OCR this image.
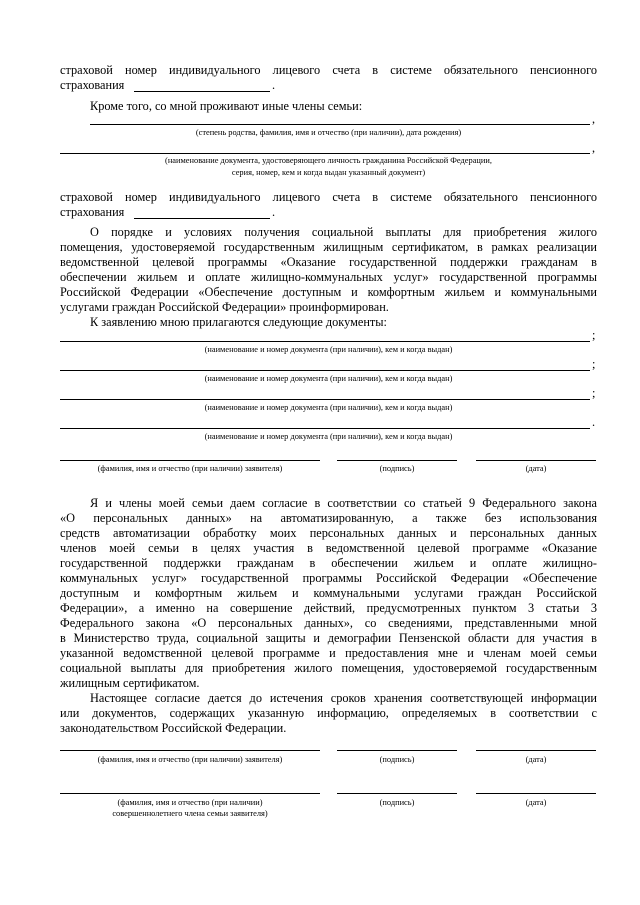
страховой номер индивидуального лицевого счета в системе обязательного пенсионного
страхования	.
Кроме того, со мной проживают иные члены семьи:
,
(степень родства, фамилия, имя и отчество (при наличии), дата рождения)
,
(наименование документа, удостоверяющего личность гражданина Российской Федерации,
серия, номер, кем и когда выдан указанный документ)
страховой номер индивидуального лицевого счета в системе обязательного пенсионного
страхования	.
О порядке и условиях получения социальной выплаты для приобретения жилого
помещения, удостоверяемой государственным жилищным сертификатом, в рамках реализации
ведомственной целевой программы «Оказание государственной поддержки гражданам в
обеспечении жильем и оплате жилищно-коммунальных услуг» государственной программы
Российской Федерации «Обеспечение доступным и комфортным жильем и коммунальными
услугами граждан Российской Федерации» проинформирован.
К заявлению мною прилагаются следующие документы:
;
(наименование и номер документа (при наличии), кем и когда выдан)
;
(наименование и номер документа (при наличии), кем и когда выдан)
;
(наименование и номер документа (при наличии), кем и когда выдан)
.
(наименование и номер документа (при наличии), кем и когда выдан)
(фамилия, имя и отчество (при наличии) заявителя)	(подпись)	(дата)
Я и члены моей семьи даем согласие в соответствии со статьей 9 Федерального закона
«О персональных данных» на автоматизированную, а также без использования
средств автоматизации обработку моих персональных данных и персональных данных
членов моей семьи в целях участия в ведомственной целевой программе «Оказание
государственной поддержки гражданам в обеспечении жильем и оплате жилищно-
коммунальных услуг» государственной программы Российской Федерации «Обеспечение
доступным и комфортным жильем и коммунальными услугами граждан Российской
Федерации», а именно на совершение действий, предусмотренных пунктом 3 статьи 3
Федерального закона «О персональных данных», со сведениями, представленными мной
в Министерство труда, социальной защиты и демографии Пензенской области для участия в
указанной ведомственной целевой программе и предоставления мне и членам моей семьи
социальной выплаты для приобретения жилого помещения, удостоверяемой государственным
жилищным сертификатом.
Настоящее согласие дается до истечения сроков хранения соответствующей информации
или документов, содержащих указанную информацию, определяемых в соответствии с
законодательством Российской Федерации.
(фамилия, имя и отчество (при наличии) заявителя)	(подпись)	(дата)
(фамилия, имя и отчество (при наличии)
совершеннолетнего члена семьи заявителя)
(подпись)	(дата)
